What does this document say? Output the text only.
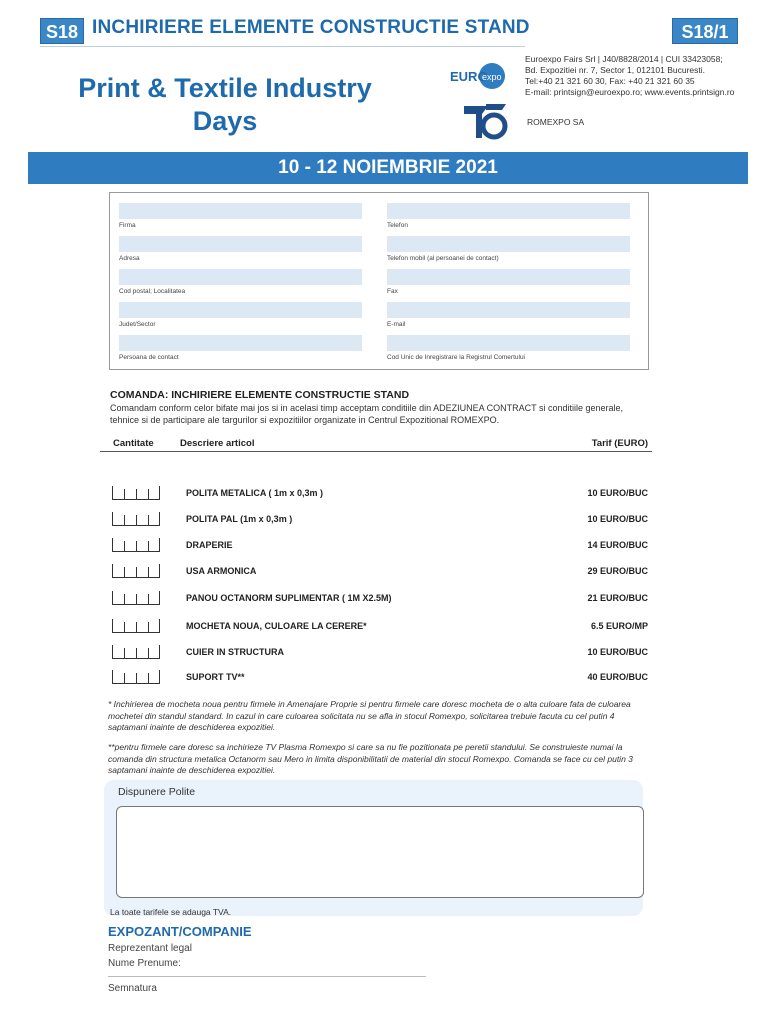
S18 INCHIRIERE ELEMENTE CONSTRUCTIE STAND	S18/1
Print & Textile Industry Days
EURO
expo
Euroexpo Fairs Srl | J40/8828/2014 | CUI 33423058;
Bd. Expozitiei nr. 7, Sector 1, 012101 Bucuresti.
Tel:+40 21 321 60 30, Fax: +40 21 321 60 35
E-mail: printsign@euroexpo.ro; www.events.printsign.ro
ROMEXPO SA
10 - 12 NOIEMBRIE 2021
Firma	Telefon
Adresa	Telefon mobil (al persoanei de contact)
Cod postal; Localitatea	Fax
Judet/Sector	E-mail
Persoana de contact	Cod Unic de Inregistrare la Registrul Comertului
COMANDA: INCHIRIERE ELEMENTE CONSTRUCTIE STAND
Comandam conform celor bifate mai jos si in acelasi timp acceptam conditiile din ADEZIUNEA CONTRACT si conditiile generale, tehnice si de participare ale targurilor si expozitiilor organizate in Centrul Expozitional ROMEXPO.
Cantitate	Descriere articol	Tarif (EURO)
POLITA METALICA ( 1m x 0,3m )	10 EURO/BUC
POLITA PAL (1m x 0,3m )	10 EURO/BUC
DRAPERIE	14 EURO/BUC
USA ARMONICA	29 EURO/BUC
PANOU OCTANORM SUPLIMENTAR ( 1M X2.5M)	21 EURO/BUC
MOCHETA NOUA, CULOARE LA CERERE*	6.5 EURO/MP
CUIER IN STRUCTURA	10 EURO/BUC
SUPORT TV**	40 EURO/BUC
* Inchirierea de mocheta noua pentru firmele in Amenajare Proprie si pentru firmele care doresc mocheta de o alta culoare fata de culoarea mochetei din standul standard. In cazul in care culoarea solicitata nu se afla in stocul Romexpo, solicitarea trebuie facuta cu cel putin 4 saptamani inainte de deschiderea expozitiei.
**pentru firmele care doresc sa inchirieze TV Plasma Romexpo si care sa nu fie pozitionata pe peretii standului. Se construieste numai la comanda din structura metalica Octanorm sau Mero in limita disponibilitatii de material din stocul Romexpo. Comanda se face cu cel putin 3 saptamani inainte de deschiderea expozitiei.
Dispunere Polite
La toate tarifele se adauga TVA.
EXPOZANT/COMPANIE
Reprezentant legal
Nume Prenume:
Semnatura
